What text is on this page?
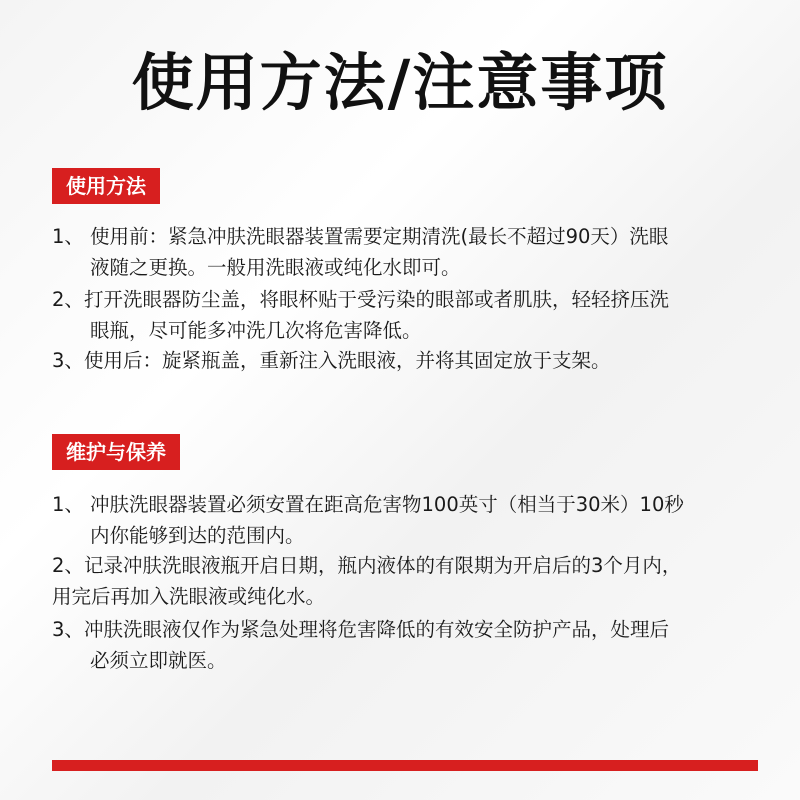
使用方法/注意事项
使用方法
1、 使用前：紧急冲肤洗眼器装置需要定期清洗(最长不超过90天）洗眼
液随之更换。一般用洗眼液或纯化水即可。
2、 打开洗眼器防尘盖，将眼杯贴于受污染的眼部或者肌肤，轻轻挤压洗
眼瓶，尽可能多冲洗几次将危害降低。
3、 使用后：旋紧瓶盖，重新注入洗眼液，并将其固定放于支架。
维护与保养
1、 冲肤洗眼器装置必须安置在距高危害物100英寸（相当于30米）10秒
内你能够到达的范围内。
2、 记录冲肤洗眼液瓶开启日期，瓶内液体的有限期为开启后的3个月内，
用完后再加入洗眼液或纯化水。
3、 冲肤洗眼液仅作为紧急处理将危害降低的有效安全防护产品，处理后
必须立即就医。
